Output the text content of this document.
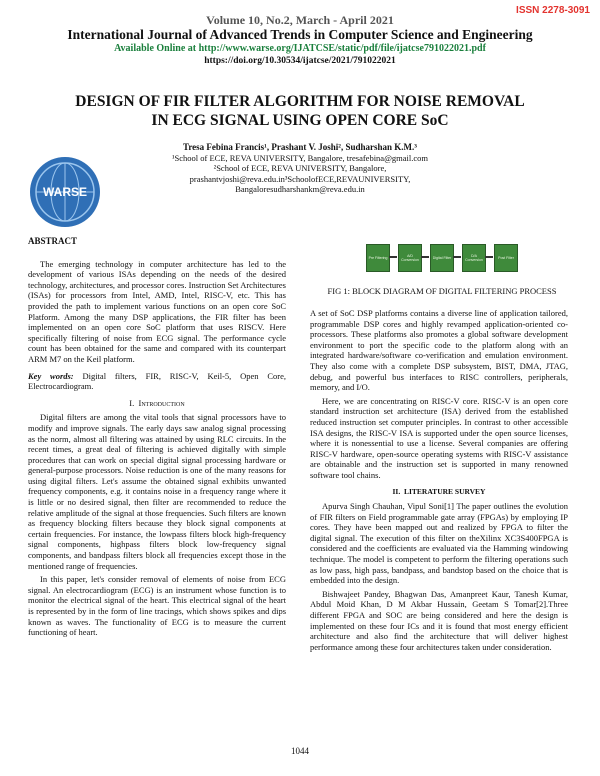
ISSN 2278-3091
Volume 10, No.2, March - April 2021
International Journal of Advanced Trends in Computer Science and Engineering
Available Online at http://www.warse.org/IJATCSE/static/pdf/file/ijatcse791022021.pdf
https://doi.org/10.30534/ijatcse/2021/791022021
DESIGN OF FIR FILTER ALGORITHM FOR NOISE REMOVAL
IN ECG SIGNAL USING OPEN CORE SoC
WARSE
Tresa Febina Francis¹, Prashant V. Joshi², Sudharshan K.M.³
¹School of ECE, REVA UNIVERSITY, Bangalore, tresafebina@gmail.com
²School of ECE, REVA UNIVERSITY, Bangalore,
prashantvjoshi@reva.edu.in³SchoolofECE,REVAUNIVERSITY,
Bangaloresudharshankm@reva.edu.in
ABSTRACT

The emerging technology in computer architecture has led to the development of various ISAs depending on the needs of the desired technology, architectures, and processor cores. Instruction Set Architectures (ISAs) for processors from Intel, AMD, Intel, RISC-V, etc. This has provided the path to implement various functions on an open core SoC Platform. Among the many DSP applications, the FIR filter has been implemented on an open core SoC platform that uses RISCV. Here specifically filtering of noise from ECG signal. The performance cycle count has been obtained for the same and compared with its counterpart ARM M7 on the Keil platform.

Key words: Digital filters, FIR, RISC-V, Keil-5, Open Core, Electrocardiogram.
I. Introduction

Digital filters are among the vital tools that signal processors have to modify and improve signals. The early days saw analog signal processing as the norm, almost all filtering was attained by using RLC circuits. In the recent times, a great deal of filtering is achieved digitally with simple procedures that can work on special digital signal processing hardware or general-purpose processors. Noise reduction is one of the many reasons for using digital filters. Let's assume the obtained signal exhibits unwanted frequency components, e.g. it contains noise in a frequency range where it is little or no desired signal, then filter are recommended to reduce the relative amplitude of the signal at those frequencies. Such filters are known as frequency blocking filters because they block signal components at certain frequencies. For instance, the lowpass filters block high-frequency signal components, highpass filters block low-frequency signal components, and bandpass filters block all frequencies except those in the mentioned range of frequencies.

In this paper, let's consider removal of elements of noise from ECG signal. An electrocardiogram (ECG) is an instrument whose function is to monitor the electrical signal of the heart. This electrical signal of the heart is represented by in the form of line tracings, which shows spikes and dips known as waves. The functionality of ECG is to measure the current functioning of heart.

Pre Filtering
A/D Conversion
Digital Filter
D/A Conversion
Post Filter
FIG 1: BLOCK DIAGRAM OF DIGITAL FILTERING PROCESS

A set of SoC DSP platforms contains a diverse line of application tailored, programmable DSP cores and highly revamped application-oriented co-processors. These platforms also promotes a global software development environment to port the specific code to the platform along with an integrated hardware/software co-verification and emulation environment. They also come with a complete DSP subsystem, BIST, DMA, JTAG, debug, and powerful bus interfaces to RISC controllers, peripherals, memory, and I/O.

Here, we are concentrating on RISC-V core. RISC-V is an open core standard instruction set architecture (ISA) derived from the established reduced instruction set computer principles. In contrast to other accessible ISA designs, the RISC-V ISA is supported under the open source licenses, where it is nonessential to use a license. Several companies are offering RISC-V hardware, open-source operating systems with RISC-V assistance are obtainable and the instruction set is supported in many renowned software tool chains.

II. LITERATURE SURVEY

Apurva Singh Chauhan, Vipul Soni[1] The paper outlines the evolution of FIR filters on Field programmable gate array (FPGAs) by employing IP cores. They have been mapped out and realized by FPGA to filter the digital signal. The execution of this filter on theXilinx XC3S400FPGA is considered and the coefficients are evaluated via the Hamming windowing technique. The model is competent to perform the filtering operations such as low pass, high pass, bandpass, and bandstop based on the choice that is embedded into the design.

Bishwajeet Pandey, Bhagwan Das, Amanpreet Kaur, Tanesh Kumar, Abdul Moid Khan, D M Akbar Hussain, Geetam S Tomar[2].Three different FPGA and SOC are being considered and here the design is implemented on these four ICs and it is found that most energy efficient architecture and also find the architecture that will deliver highest performance among these four architectures taken under consideration.

1044
